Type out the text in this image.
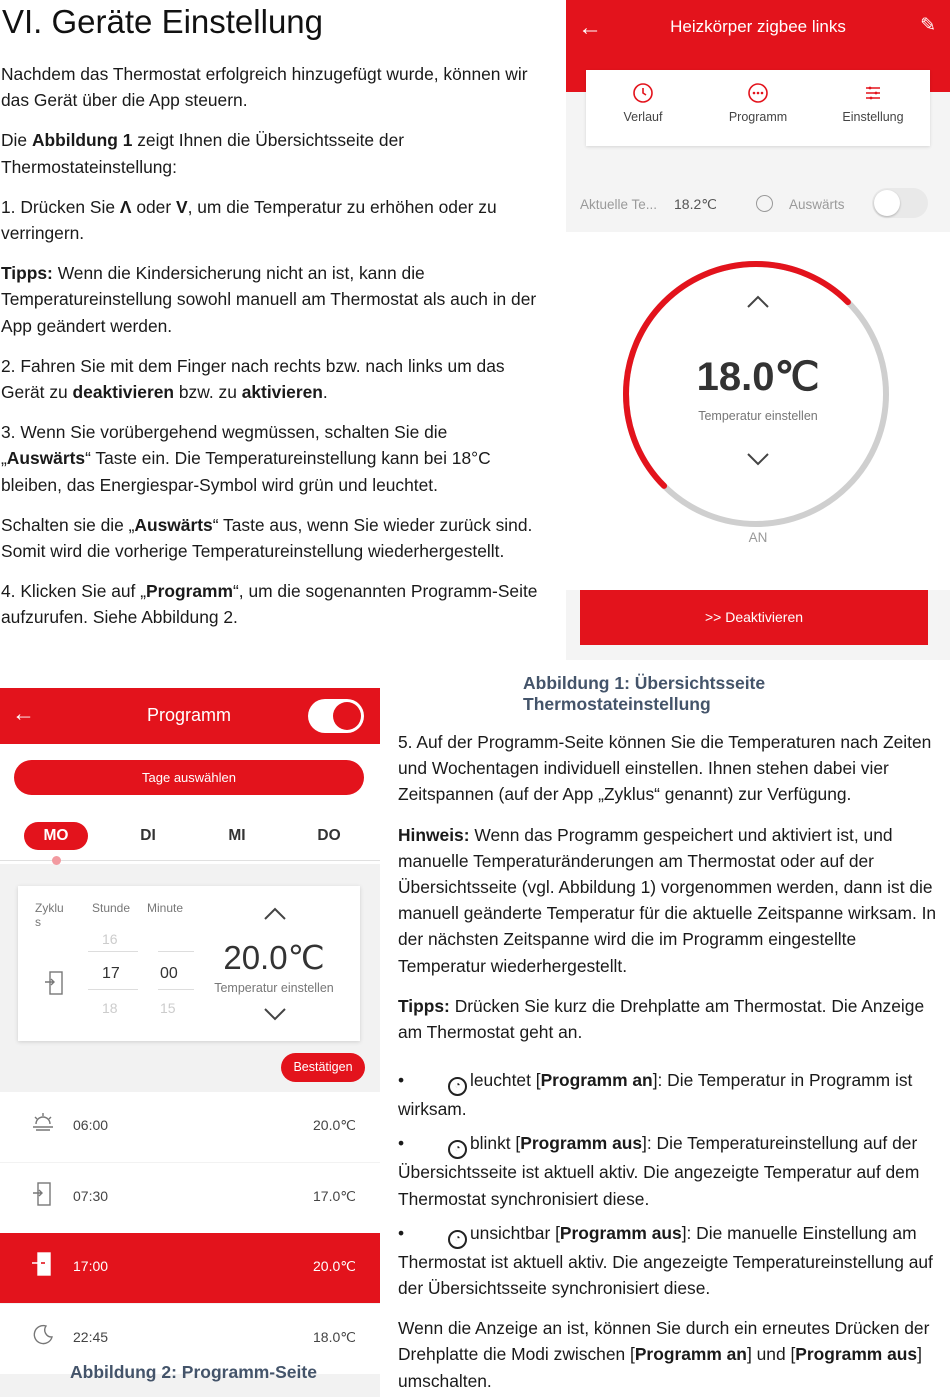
VI. Geräte Einstellung

Nachdem das Thermostat erfolgreich hinzugefügt wurde, können wir das Gerät über die App steuern.

Die Abbildung 1 zeigt Ihnen die Übersichtsseite der Thermostateinstellung:

1. Drücken Sie Λ oder V, um die Temperatur zu erhöhen oder zu verringern.

Tipps: Wenn die Kindersicherung nicht an ist, kann die Temperatureinstellung sowohl manuell am Thermostat als auch in der App geändert werden.

2. Fahren Sie mit dem Finger nach rechts bzw. nach links um das Gerät zu deaktivieren bzw. zu aktivieren.

3. Wenn Sie vorübergehend wegmüssen, schalten Sie die „Auswärts“ Taste ein. Die Temperatureinstellung kann bei 18°C bleiben, das Energiespar-Symbol wird grün und leuchtet.

Schalten sie die „Auswärts“ Taste aus, wenn Sie wieder zurück sind. Somit wird die vorherige Temperatureinstellung wiederhergestellt.

4. Klicken Sie auf „Programm“, um die sogenannten Programm-Seite aufzurufen. Siehe Abbildung 2.

←	Heizkörper zigbee links	✎
Verlauf	Programm	Einstellung
Aktuelle Te... 18.2℃	Auswärts
18.0℃
Temperatur einstellen
AN
>> Deaktivieren
Abbildung 1: Übersichtsseite Thermostateinstellung
←	Programm
Tage auswählen
MO	DI	MI	DO
Zyklu s
Stunde Minute
16
17
18
00
15
20.0℃
Temperatur einstellen
Bestätigen
06:00	20.0℃
07:30	17.0℃
17:00	20.0℃
22:45	18.0℃
Abbildung 2: Programm-Seite

5. Auf der Programm-Seite können Sie die Temperaturen nach Zeiten und Wochentagen individuell einstellen. Ihnen stehen dabei vier Zeitspannen (auf der App „Zyklus“ genannt) zur Verfügung.

Hinweis: Wenn das Programm gespeichert und aktiviert ist, und manuelle Temperaturänderungen am Thermostat oder auf der Übersichtsseite (vgl. Abbildung 1) vorgenommen werden, dann ist die manuell geänderte Temperatur für die aktuelle Zeitspanne wirksam. In der nächsten Zeitspanne wird die im Programm eingestellte Temperatur wiederhergestellt.

Tipps: Drücken Sie kurz die Drehplatte am Thermostat. Die Anzeige am Thermostat geht an.

•	◔ leuchtet [Programm an]: Die Temperatur in Programm ist wirksam.

•	◔ blinkt [Programm aus]: Die Temperatureinstellung auf der Übersichtsseite ist aktuell aktiv. Die angezeigte Temperatur auf dem Thermostat synchronisiert diese.

•	◔ unsichtbar [Programm aus]: Die manuelle Einstellung am Thermostat ist aktuell aktiv. Die angezeigte Temperatureinstellung auf der Übersichtsseite synchronisiert diese.

Wenn die Anzeige an ist, können Sie durch ein erneutes Drücken der Drehplatte die Modi zwischen [Programm an] und [Programm aus] umschalten.
